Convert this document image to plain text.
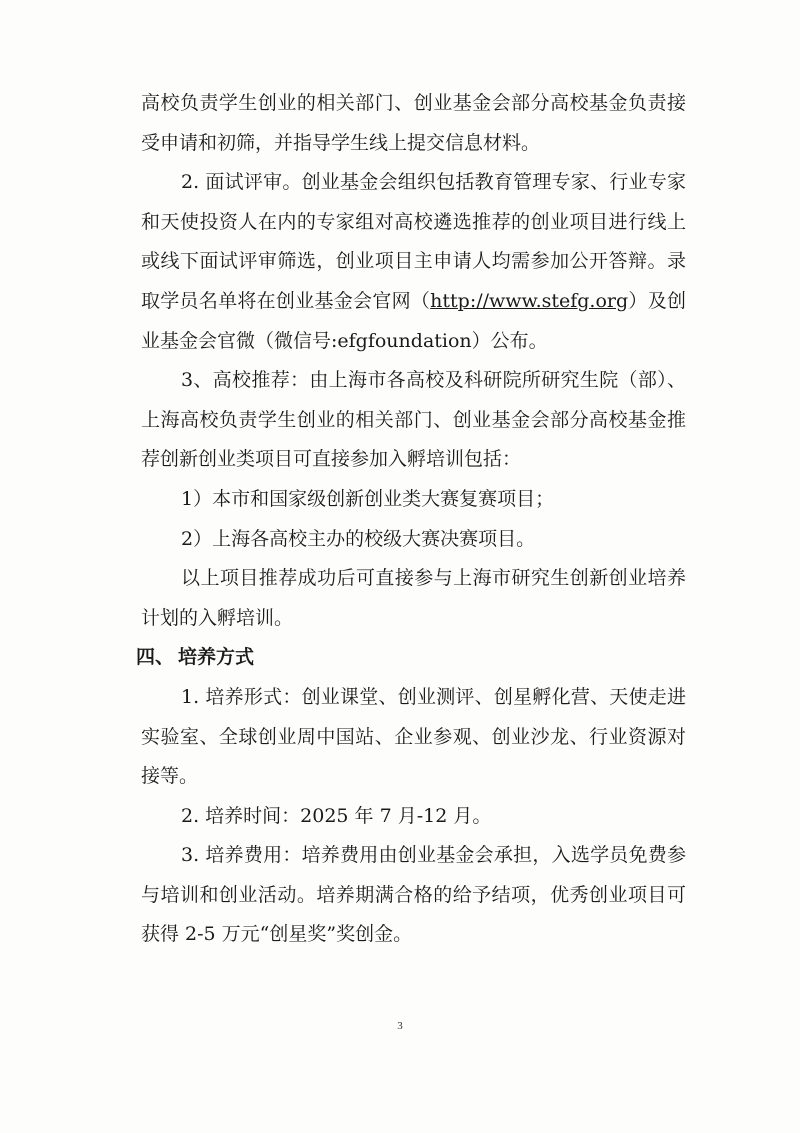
高校负责学生创业的相关部门、创业基金会部分高校基金负责接受申请和初筛，并指导学生线上提交信息材料。

2. 面试评审。创业基金会组织包括教育管理专家、行业专家和天使投资人在内的专家组对高校遴选推荐的创业项目进行线上或线下面试评审筛选，创业项目主申请人均需参加公开答辩。录取学员名单将在创业基金会官网（http://www.stefg.org）及创业基金会官微（微信号:efgfoundation）公布。

3、高校推荐：由上海市各高校及科研院所研究生院（部）、上海高校负责学生创业的相关部门、创业基金会部分高校基金推荐创新创业类项目可直接参加入孵培训包括：

1）本市和国家级创新创业类大赛复赛项目；

2）上海各高校主办的校级大赛决赛项目。

以上项目推荐成功后可直接参与上海市研究生创新创业培养计划的入孵培训。

四、 培养方式

1. 培养形式：创业课堂、创业测评、创星孵化营、天使走进实验室、全球创业周中国站、企业参观、创业沙龙、行业资源对接等。

2. 培养时间：2025 年 7 月-12 月。

3. 培养费用：培养费用由创业基金会承担，入选学员免费参与培训和创业活动。培养期满合格的给予结项，优秀创业项目可获得 2-5 万元“创星奖”奖创金。

3
